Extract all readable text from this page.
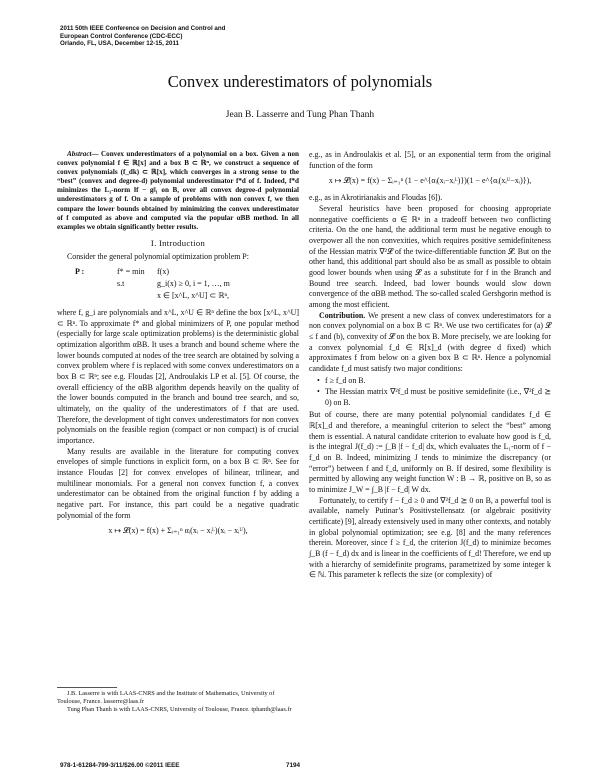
2011 50th IEEE Conference on Decision and Control and
European Control Conference (CDC-ECC)
Orlando, FL, USA, December 12-15, 2011
Convex underestimators of polynomials
Jean B. Lasserre and Tung Phan Thanh
Abstract— Convex underestimators of a polynomial on a box. Given a non convex polynomial f ∈ ℝ[x] and a box B ⊂ ℝⁿ, we construct a sequence of convex polynomials (f_dk) ⊂ ℝ[x], which converges in a strong sense to the “best” (convex and degree-d) polynomial underestimator f*d of f. Indeed, f*d minimizes the L₁-norm ‖f − g‖₁ on B, over all convex degree-d polynomial underestimators g of f. On a sample of problems with non convex f, we then compare the lower bounds obtained by minimizing the convex underestimator of f computed as above and computed via the popular αBB method. In all examples we obtain significantly better results.
I. Introduction

Consider the general polynomial optimization problem P:

P :	f* = min	f(x)
s.t	g_i(x) ≥ 0, i = 1, …, m
x ∈ [x^L, x^U] ⊂ ℝⁿ,

where f, g_i are polynomials and x^L, x^U ∈ ℝⁿ define the box [x^L, x^U] ⊂ ℝⁿ. To approximate f* and global minimizers of P, one popular method (especially for large scale optimization problems) is the deterministic global optimization algorithm αBB. It uses a branch and bound scheme where the lower bounds computed at nodes of the tree search are obtained by solving a convex problem where f is replaced with some convex underestimators on a box B ⊂ ℝⁿ; see e.g. Floudas [2], Androulakis LP et al. [5]. Of course, the overall efficiency of the αBB algorithm depends heavily on the quality of the lower bounds computed in the branch and bound tree search, and so, ultimately, on the quality of the underestimators of f that are used. Therefore, the development of tight convex underestimators for non convex polynomials on the feasible region (compact or non compact) is of crucial importance.

Many results are available in the literature for computing convex envelopes of simple functions in explicit form, on a box B ⊂ ℝⁿ. See for instance Floudas [2] for convex envelopes of bilinear, trilinear, and multilinear monomials. For a general non convex function f, a convex underestimator can be obtained from the original function f by adding a negative part. For instance, this part could be a negative quadratic polynomial of the form

x ↦ 𝓛(x) = f(x) + Σᵢ₌₁ⁿ αᵢ(xᵢ − xᵢᴸ)(xᵢ − xᵢᵁ),

J.B. Lasserre is with LAAS-CNRS and the Institute of Mathematics, University of Toulouse, France. lasserre@laas.fr

Tung Phan Thanh is with LAAS-CNRS, University of Toulouse, France. tphanth@laas.fr

e.g., as in Androulakis et al. [5], or an exponential term from the original function of the form

x ↦ 𝓛(x) = f(x) − Σᵢ₌₁ⁿ (1 − e^{αᵢ(xᵢ−xᵢᴸ)})(1 − e^{αᵢ(xᵢᵁ−xᵢ)}),

e.g., as in Akrotirianakis and Floudas [6]).

Several heuristics have been proposed for choosing appropriate nonnegative coefficients α ∈ ℝⁿ in a tradeoff between two conflicting criteria. On the one hand, the additional term must be negative enough to overpower all the non convexities, which requires positive semidefiniteness of the Hessian matrix ∇²𝓛 of the twice-differentiable function 𝓛. But on the other hand, this additional part should also be as small as possible to obtain good lower bounds when using 𝓛 as a substitute for f in the Branch and Bound tree search. Indeed, bad lower bounds would slow down convergence of the αBB method. The so-called scaled Gershgorin method is among the most efficient.

Contribution. We present a new class of convex underestimators for a non convex polynomial on a box B ⊂ ℝⁿ. We use two certificates for (a) 𝓛 ≤ f and (b), convexity of 𝓛 on the box B. More precisely, we are looking for a convex polynomial f_d ∈ ℝ[x]_d (with degree d fixed) which approximates f from below on a given box B ⊂ ℝⁿ. Hence a polynomial candidate f_d must satisfy two major conditions:

• f ≥ f_d on B.
• The Hessian matrix ∇²f_d must be positive semidefinite (i.e., ∇²f_d ⪰ 0) on B.

But of course, there are many potential polynomial candidates f_d ∈ ℝ[x]_d and therefore, a meaningful criterion to select the “best” among them is essential. A natural candidate criterion to evaluate how good is f_d, is the integral J(f_d) := ∫_B |f − f_d| dx, which evaluates the L₁-norm of f − f_d on B. Indeed, minimizing J tends to minimize the discrepancy (or “error”) between f and f_d, uniformly on B. If desired, some flexibility is permitted by allowing any weight function W : B → ℝ, positive on B, so as to minimize J_W = ∫_B |f − f_d| W dx.

Fortunately, to certify f − f_d ≥ 0 and ∇²f_d ⪰ 0 on B, a powerful tool is available, namely Putinar’s Positivstellensatz (or algebraic positivity certificate) [9], already extensively used in many other contexts, and notably in global polynomial optimization; see e.g. [8] and the many references therein. Moreover, since f ≥ f_d, the criterion J(f_d) to minimize becomes ∫_B (f − f_d) dx and is linear in the coefficients of f_d! Therefore, we end up with a hierarchy of semidefinite programs, parametrized by some integer k ∈ ℕ. This parameter k reflects the size (or complexity) of

978-1-61284-799-3/11/$26.00 ©2011 IEEE	7194
